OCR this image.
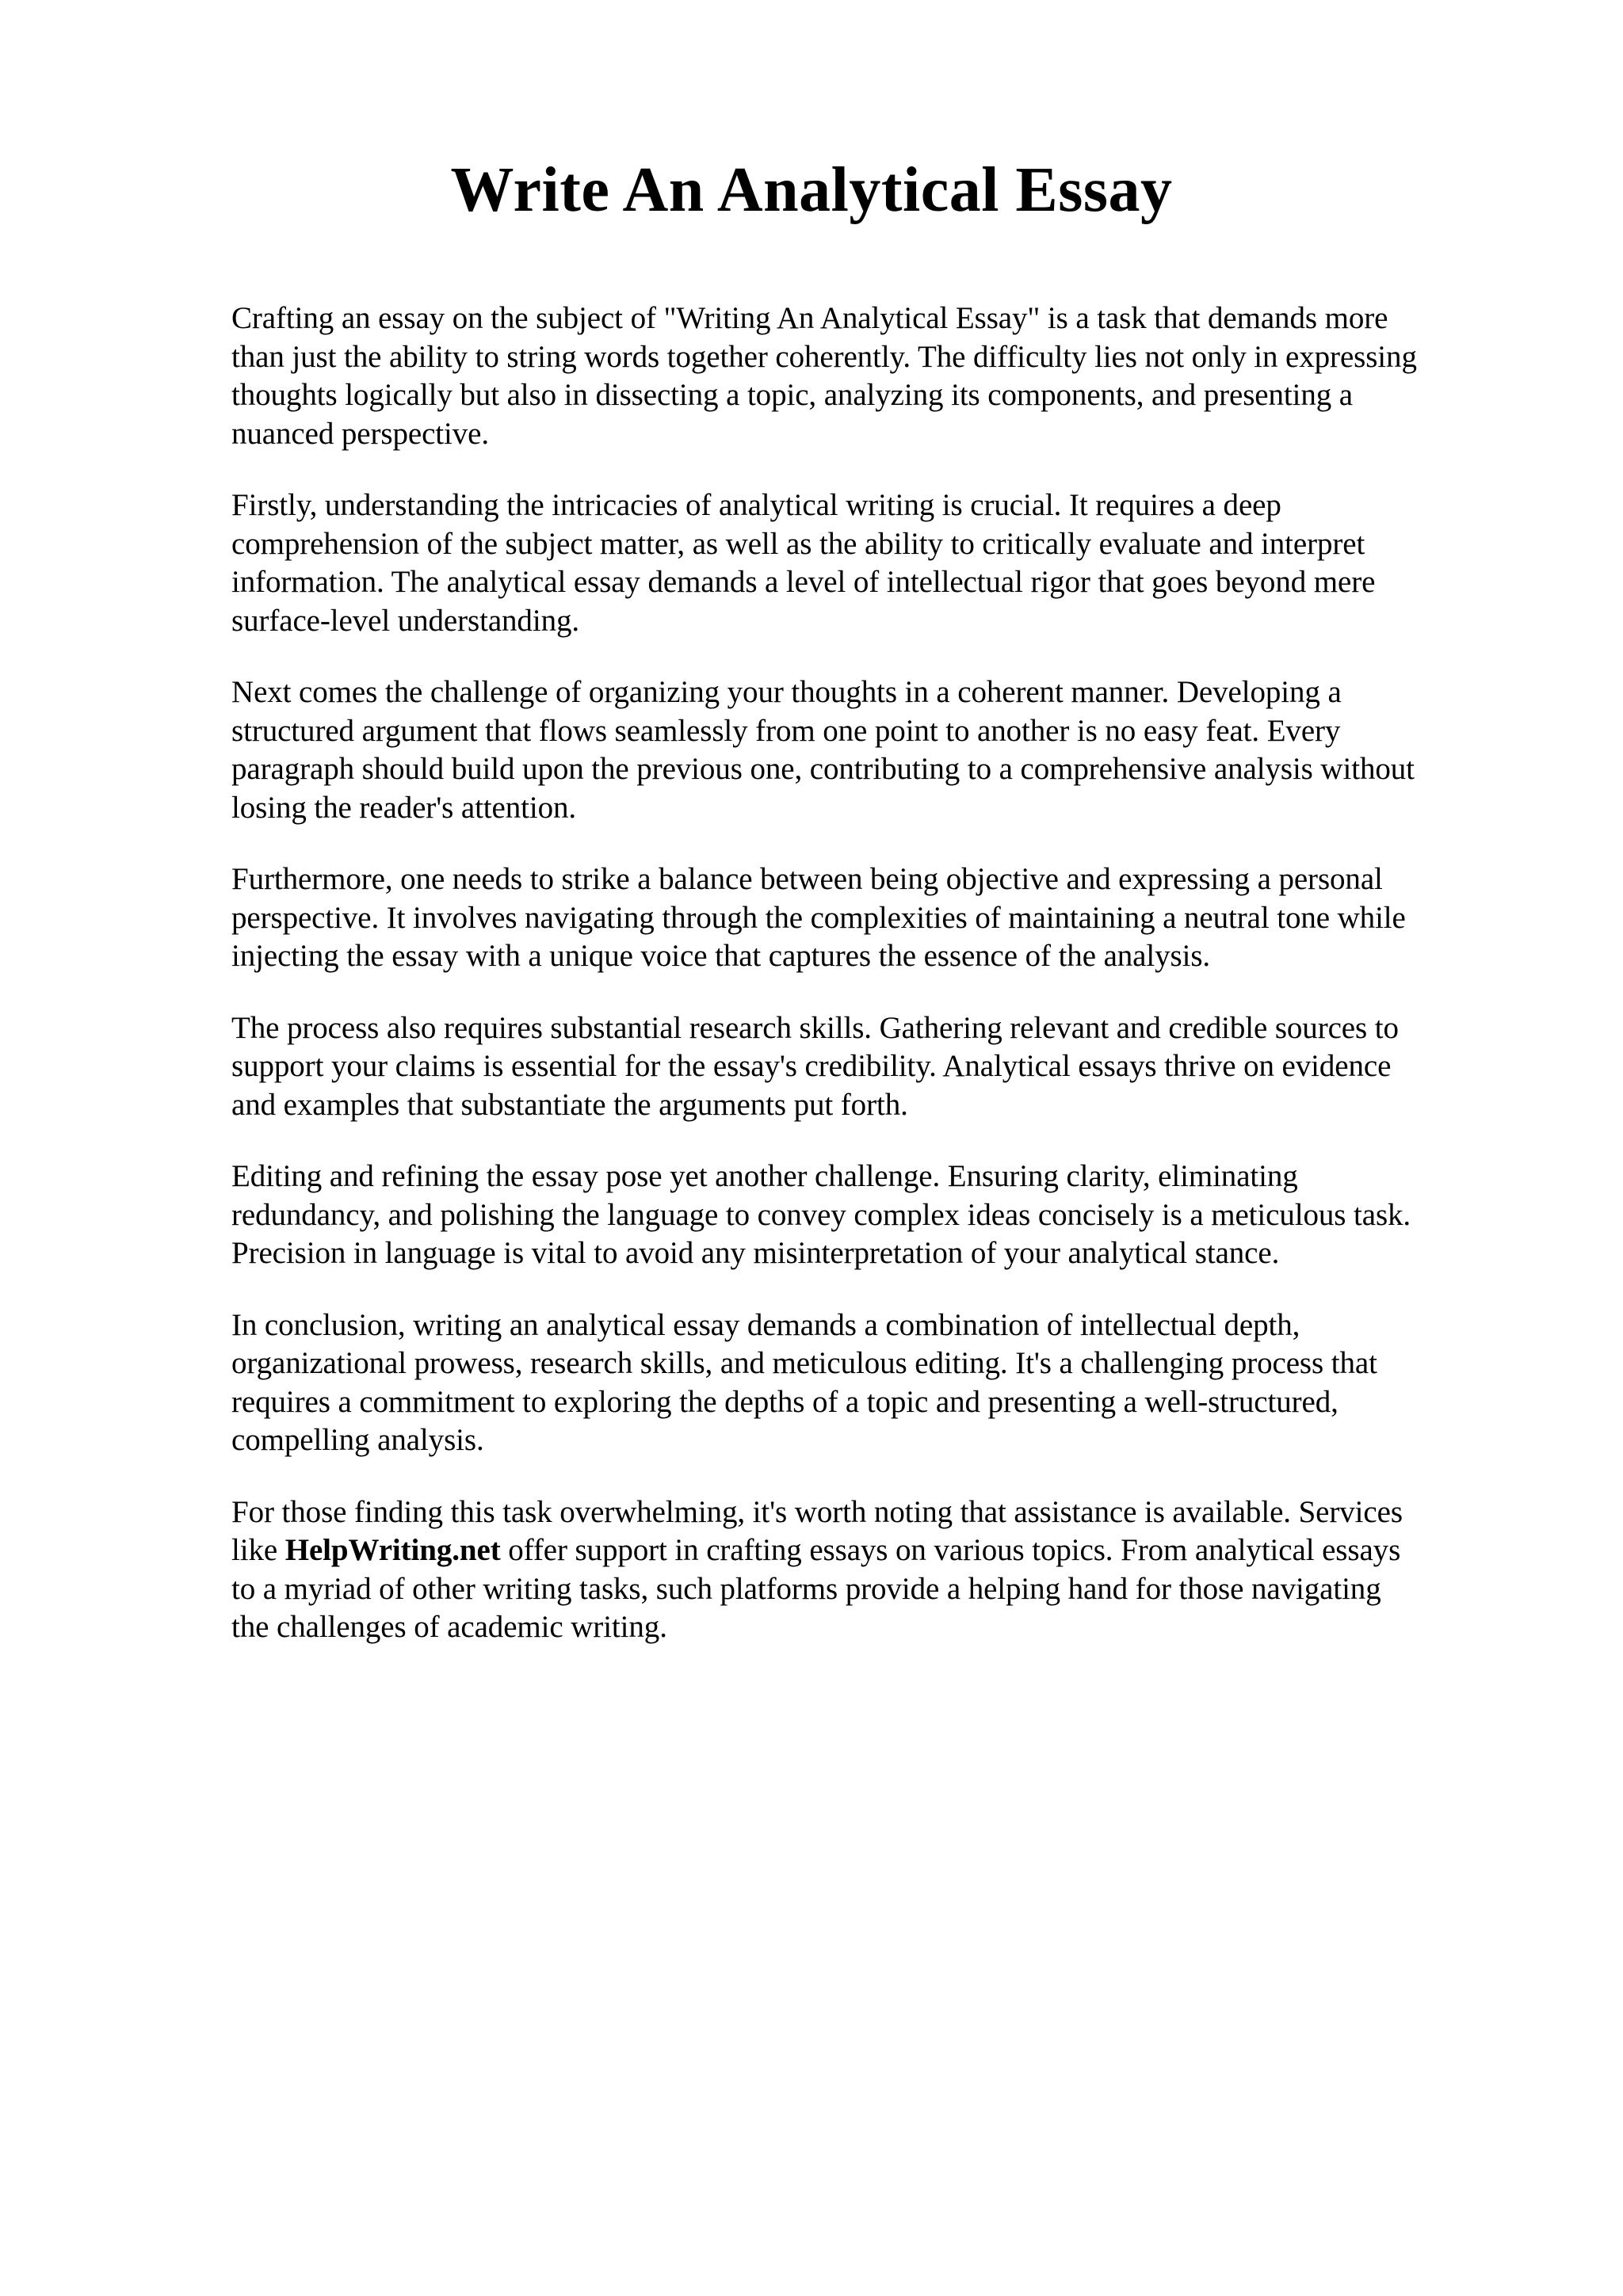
Write An Analytical Essay

Crafting an essay on the subject of "Writing An Analytical Essay" is a task that demands more
than just the ability to string words together coherently. The difficulty lies not only in expressing
thoughts logically but also in dissecting a topic, analyzing its components, and presenting a
nuanced perspective.

Firstly, understanding the intricacies of analytical writing is crucial. It requires a deep
comprehension of the subject matter, as well as the ability to critically evaluate and interpret
information. The analytical essay demands a level of intellectual rigor that goes beyond mere
surface-level understanding.

Next comes the challenge of organizing your thoughts in a coherent manner. Developing a
structured argument that flows seamlessly from one point to another is no easy feat. Every
paragraph should build upon the previous one, contributing to a comprehensive analysis without
losing the reader's attention.

Furthermore, one needs to strike a balance between being objective and expressing a personal
perspective. It involves navigating through the complexities of maintaining a neutral tone while
injecting the essay with a unique voice that captures the essence of the analysis.

The process also requires substantial research skills. Gathering relevant and credible sources to
support your claims is essential for the essay's credibility. Analytical essays thrive on evidence
and examples that substantiate the arguments put forth.

Editing and refining the essay pose yet another challenge. Ensuring clarity, eliminating
redundancy, and polishing the language to convey complex ideas concisely is a meticulous task.
Precision in language is vital to avoid any misinterpretation of your analytical stance.

In conclusion, writing an analytical essay demands a combination of intellectual depth,
organizational prowess, research skills, and meticulous editing. It's a challenging process that
requires a commitment to exploring the depths of a topic and presenting a well-structured,
compelling analysis.

For those finding this task overwhelming, it's worth noting that assistance is available. Services
like HelpWriting.net offer support in crafting essays on various topics. From analytical essays
to a myriad of other writing tasks, such platforms provide a helping hand for those navigating
the challenges of academic writing.
